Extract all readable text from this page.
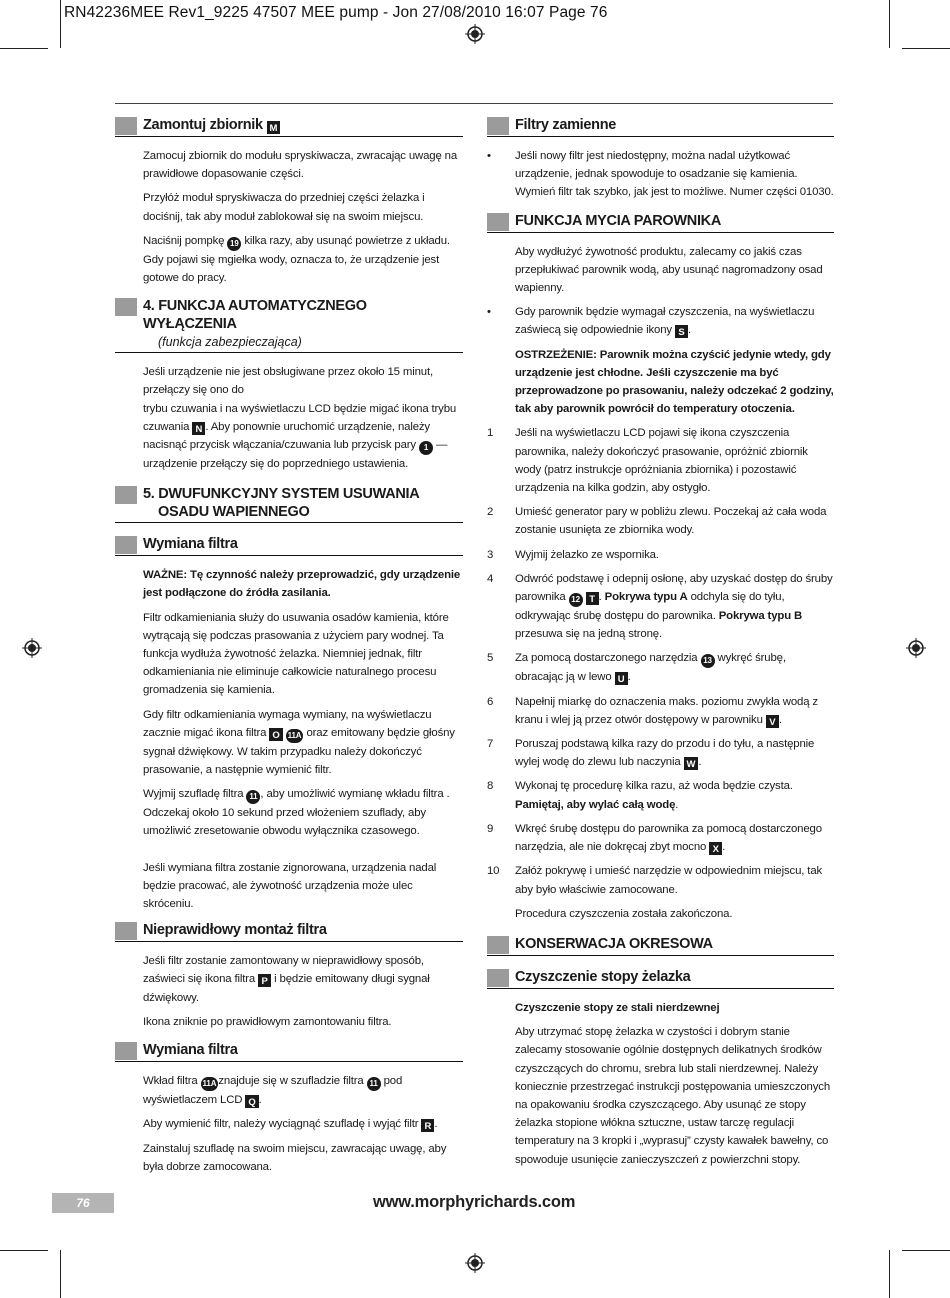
RN42236MEE Rev1_9225 47507 MEE pump - Jon 27/08/2010 16:07 Page 76
Zamontuj zbiornik M

Zamocuj zbiornik do modułu spryskiwacza, zwracając uwagę na prawidłowe dopasowanie części.

Przyłóż moduł spryskiwacza do przedniej części żelazka i dociśnij, tak aby moduł zablokował się na swoim miejscu.

Naciśnij pompkę 19 kilka razy, aby usunąć powietrze z układu. Gdy pojawi się mgiełka wody, oznacza to, że urządzenie jest gotowe do pracy.

4. FUNKCJA AUTOMATYCZNEGO WYŁĄCZENIA
(funkcja zabezpieczająca)

Jeśli urządzenie nie jest obsługiwane przez około 15 minut, przełączy się ono do
trybu czuwania i na wyświetlaczu LCD będzie migać ikona trybu czuwania N . Aby ponownie uruchomić urządzenie, należy nacisnąć przycisk włączania/czuwania lub przycisk pary 1 — urządzenie przełączy się do poprzedniego ustawienia.

5. DWUFUNKCYJNY SYSTEM USUWANIA
OSADU WAPIENNEGO
Wymiana filtra

WAŻNE: Tę czynność należy przeprowadzić, gdy urządzenie jest podłączone do źródła zasilania.

Filtr odkamieniania służy do usuwania osadów kamienia, które wytrącają się podczas prasowania z użyciem pary wodnej. Ta funkcja wydłuża żywotność żelazka. Niemniej jednak, filtr odkamieniania nie eliminuje całkowicie naturalnego procesu gromadzenia się kamienia.

Gdy filtr odkamieniania wymaga wymiany, na wyświetlaczu zacznie migać ikona filtra O 11A oraz emitowany będzie głośny sygnał dźwiękowy. W takim przypadku należy dokończyć prasowanie, a następnie wymienić filtr.

Wyjmij szufladę filtra 11 , aby umożliwić wymianę wkładu filtra . Odczekaj około 10 sekund przed włożeniem szuflady, aby umożliwić zresetowanie obwodu wyłącznika czasowego.

Jeśli wymiana filtra zostanie zignorowana, urządzenia nadal będzie pracować, ale żywotność urządzenia może ulec skróceniu.

Nieprawidłowy montaż filtra

Jeśli filtr zostanie zamontowany w nieprawidłowy sposób, zaświeci się ikona filtra P i będzie emitowany długi sygnał dźwiękowy.

Ikona zniknie po prawidłowym zamontowaniu filtra.

Wymiana filtra

Wkład filtra 11A znajduje się w szufladzie filtra 11 pod wyświetlaczem LCD Q .

Aby wymienić filtr, należy wyciągnąć szufladę i wyjąć filtr R .

Zainstaluj szufladę na swoim miejscu, zawracając uwagę, aby była dobrze zamocowana.

Filtry zamienne
• Jeśli nowy filtr jest niedostępny, można nadal użytkować urządzenie, jednak spowoduje to osadzanie się kamienia. Wymień filtr tak szybko, jak jest to możliwe. Numer części 01030.
FUNKCJA MYCIA PAROWNIKA

Aby wydłużyć żywotność produktu, zalecamy co jakiś czas przepłukiwać parownik wodą, aby usunąć nagromadzony osad wapienny.

• Gdy parownik będzie wymagał czyszczenia, na wyświetlaczu zaświecą się odpowiednie ikony S .

OSTRZEŻENIE: Parownik można czyścić jedynie wtedy, gdy urządzenie jest chłodne. Jeśli czyszczenie ma być przeprowadzone po prasowaniu, należy odczekać 2 godziny, tak aby parownik powrócił do temperatury otoczenia.

1 Jeśli na wyświetlaczu LCD pojawi się ikona czyszczenia parownika, należy dokończyć prasowanie, opróżnić zbiornik wody (patrz instrukcje opróżniania zbiornika) i pozostawić urządzenia na kilka godzin, aby ostygło.
2 Umieść generator pary w pobliżu zlewu. Poczekaj aż cała woda zostanie usunięta ze zbiornika wody.
3 Wyjmij żelazko ze wspornika.
4 Odwróć podstawę i odepnij osłonę, aby uzyskać dostęp do śruby parownika 12 T . Pokrywa typu A odchyla się do tyłu, odkrywając śrubę dostępu do parownika. Pokrywa typu B przesuwa się na jedną stronę.
5 Za pomocą dostarczonego narzędzia 13 wykręć śrubę, obracając ją w lewo U .
6 Napełnij miarkę do oznaczenia maks. poziomu zwykła wodą z kranu i wlej ją przez otwór dostępowy w parowniku V .
7 Poruszaj podstawą kilka razy do przodu i do tyłu, a następnie wylej wodę do zlewu lub naczynia W .
8 Wykonaj tę procedurę kilka razu, aż woda będzie czysta.
Pamiętaj, aby wylać całą wodę.
9 Wkręć śrubę dostępu do parownika za pomocą dostarczonego narzędzia, ale nie dokręcaj zbyt mocno X .
10 Załóż pokrywę i umieść narzędzie w odpowiednim miejscu, tak aby było właściwie zamocowane.

Procedura czyszczenia została zakończona.

KONSERWACJA OKRESOWA
Czyszczenie stopy żelazka

Czyszczenie stopy ze stali nierdzewnej

Aby utrzymać stopę żelazka w czystości i dobrym stanie zalecamy stosowanie ogólnie dostępnych delikatnych środków czyszczących do chromu, srebra lub stali nierdzewnej. Należy koniecznie przestrzegać instrukcji postępowania umieszczonych na opakowaniu środka czyszczącego. Aby usunąć ze stopy żelazka stopione włókna sztuczne, ustaw tarczę regulacji temperatury na 3 kropki i „wyprasuj” czysty kawałek bawełny, co spowoduje usunięcie zanieczyszczeń z powierzchni stopy.

76	www.morphyrichards.com
